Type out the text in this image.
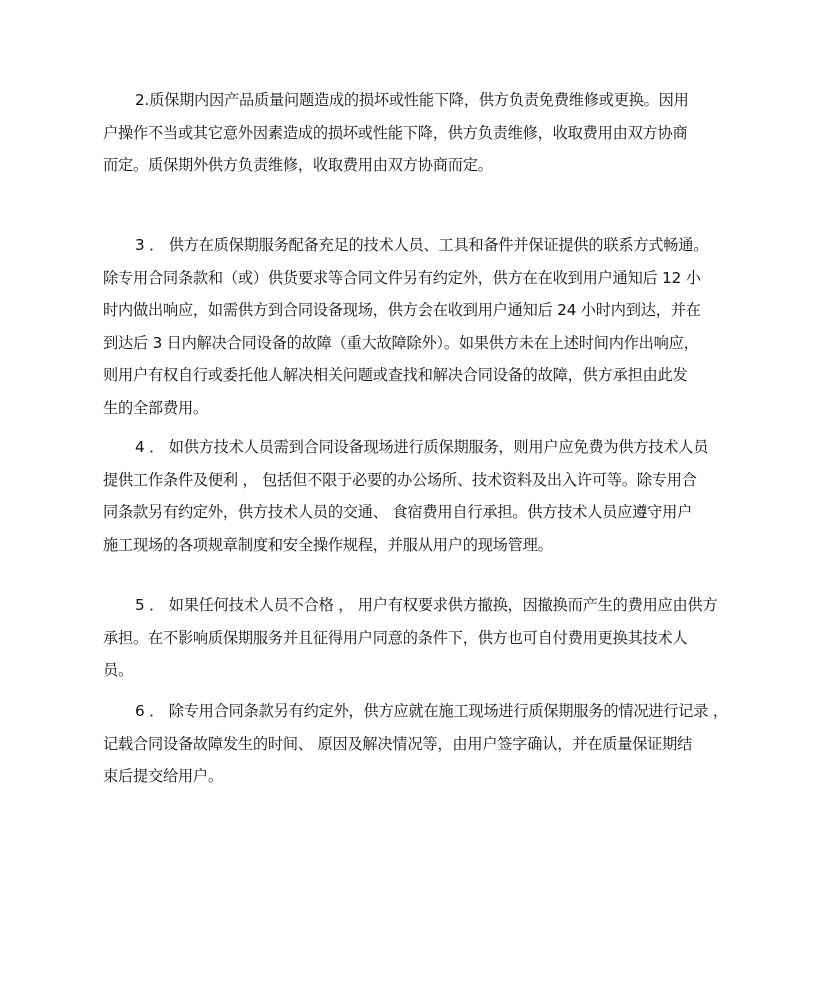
2.质保期内因产品质量问题造成的损坏或性能下降，供方负责免费维修或更换。因用
户操作不当或其它意外因素造成的损坏或性能下降，供方负责维修，收取费用由双方协商
而定。质保期外供方负责维修，收取费用由双方协商而定。
3 ． 供方在质保期服务配备充足的技术人员、工具和备件并保证提供的联系方式畅通。
除专用合同条款和（或）供货要求等合同文件另有约定外，供方在在收到用户通知后 12 小
时内做出响应，如需供方到合同设备现场，供方会在收到用户通知后 24 小时内到达，并在
到达后 3 日内解决合同设备的故障（重大故障除外）。如果供方未在上述时间内作出响应，
则用户有权自行或委托他人解决相关问题或查找和解决合同设备的故障，供方承担由此发
生的全部费用。
4 ． 如供方技术人员需到合同设备现场进行质保期服务，则用户应免费为供方技术人员
提供工作条件及便利 ， 包括但不限于必要的办公场所、技术资料及出入许可等。除专用合
同条款另有约定外，供方技术人员的交通、 食宿费用自行承担。供方技术人员应遵守用户
施工现场的各项规章制度和安全操作规程，并服从用户的现场管理。
5 ． 如果任何技术人员不合格 ， 用户有权要求供方撤换，因撤换而产生的费用应由供方
承担。在不影响质保期服务并且征得用户同意的条件下，供方也可自付费用更换其技术人
员。
6 ． 除专用合同条款另有约定外，供方应就在施工现场进行质保期服务的情况进行记录 ，
记载合同设备故障发生的时间、 原因及解决情况等，由用户签字确认，并在质量保证期结
束后提交给用户。
